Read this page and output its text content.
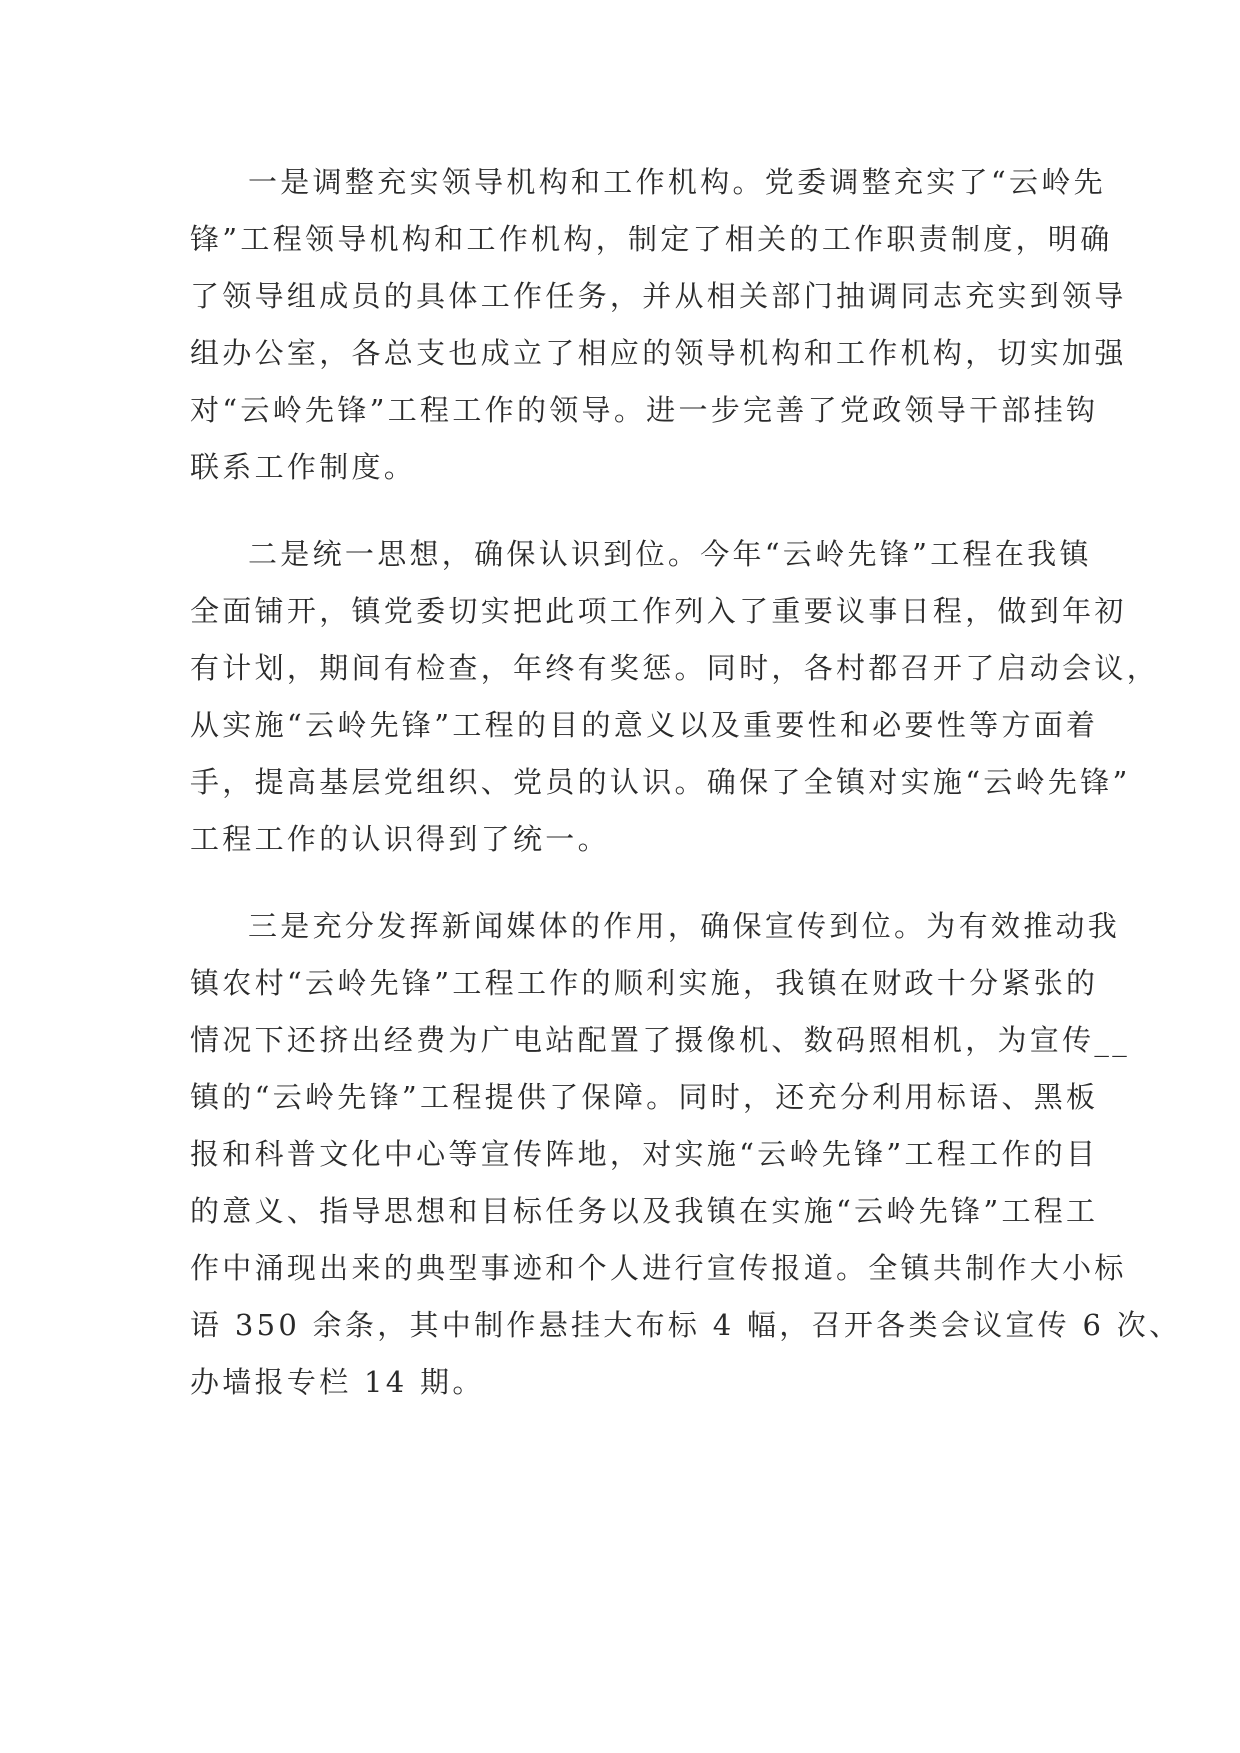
一是调整充实领导机构和工作机构。党委调整充实了“云岭先
锋”工程领导机构和工作机构，制定了相关的工作职责制度，明确
了领导组成员的具体工作任务，并从相关部门抽调同志充实到领导
组办公室，各总支也成立了相应的领导机构和工作机构，切实加强
对“云岭先锋”工程工作的领导。进一步完善了党政领导干部挂钩
联系工作制度。
二是统一思想，确保认识到位。今年“云岭先锋”工程在我镇
全面铺开，镇党委切实把此项工作列入了重要议事日程，做到年初
有计划，期间有检查，年终有奖惩。同时，各村都召开了启动会议，
从实施“云岭先锋”工程的目的意义以及重要性和必要性等方面着
手，提高基层党组织、党员的认识。确保了全镇对实施“云岭先锋”
工程工作的认识得到了统一。
三是充分发挥新闻媒体的作用，确保宣传到位。为有效推动我
镇农村“云岭先锋”工程工作的顺利实施，我镇在财政十分紧张的
情况下还挤出经费为广电站配置了摄像机、数码照相机，为宣传__
镇的“云岭先锋”工程提供了保障。同时，还充分利用标语、黑板
报和科普文化中心等宣传阵地，对实施“云岭先锋”工程工作的目
的意义、指导思想和目标任务以及我镇在实施“云岭先锋”工程工
作中涌现出来的典型事迹和个人进行宣传报道。全镇共制作大小标
语 350 余条，其中制作悬挂大布标 4 幅，召开各类会议宣传 6 次、
办墙报专栏 14 期。
